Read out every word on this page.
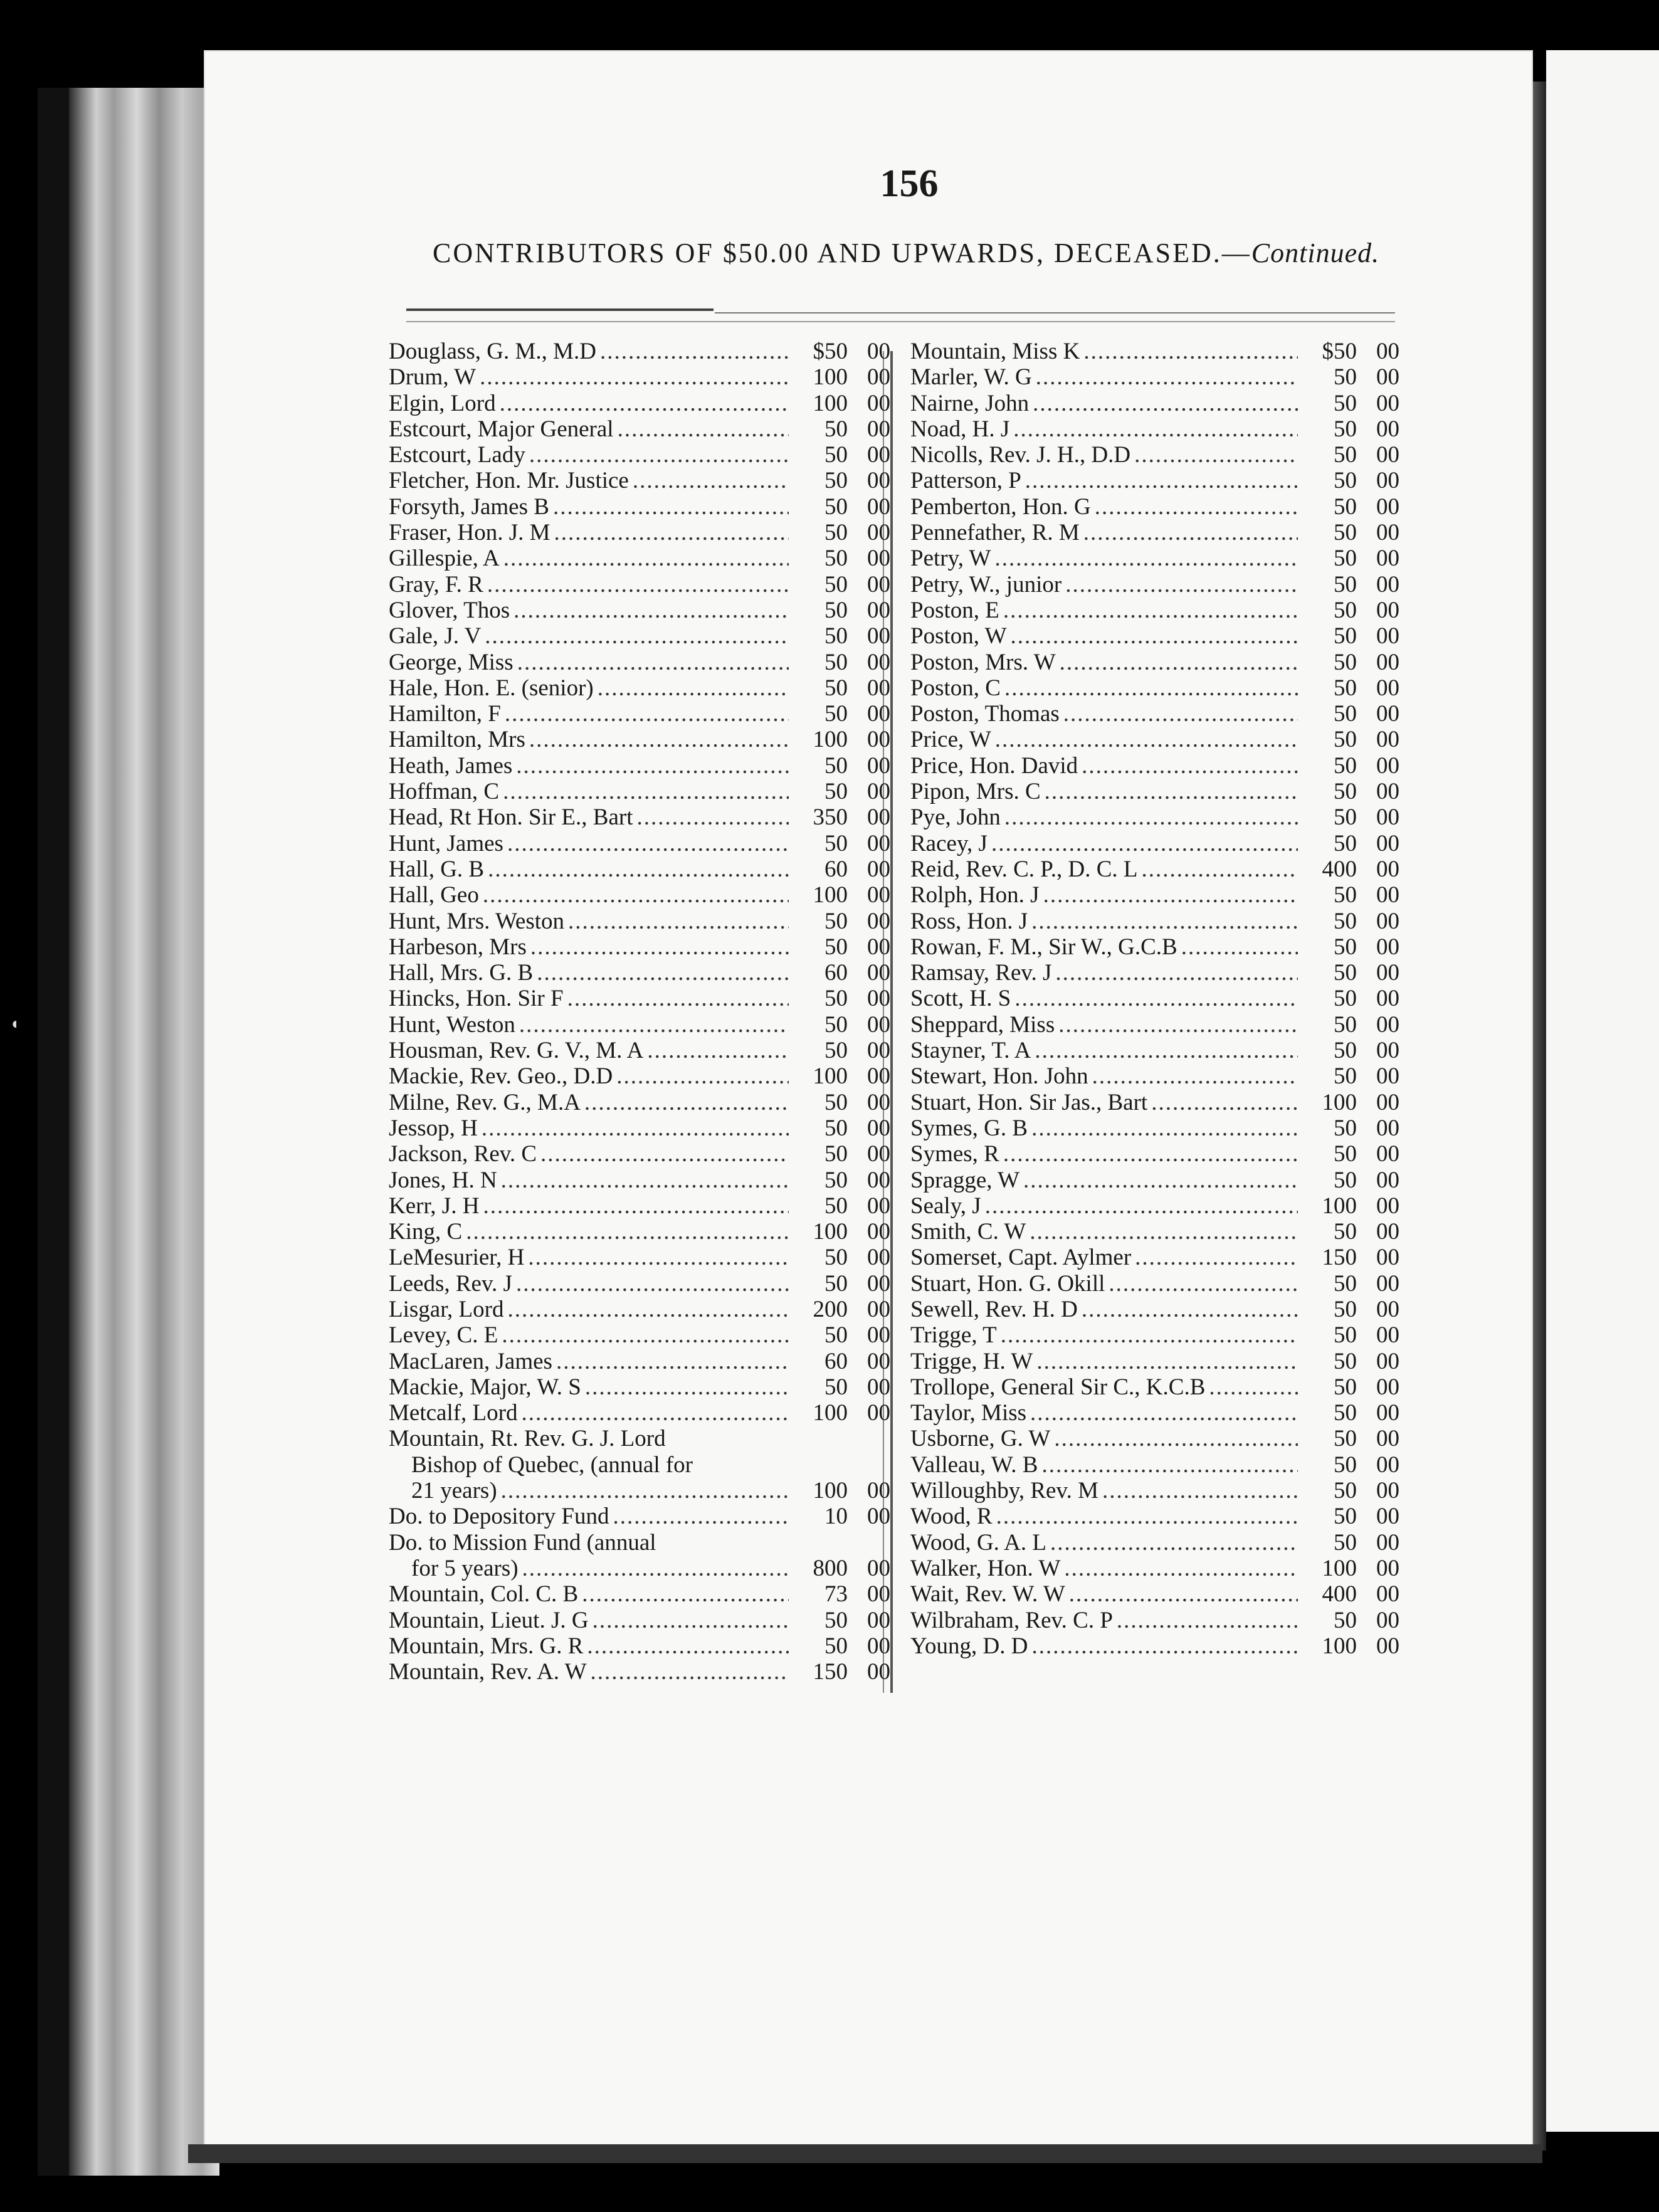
◐
156
CONTRIBUTORS OF $50.00 AND UPWARDS, DECEASED.—Continued.
Douglass, G. M., M.D .....	$50 00
Drum, W .....	100 00
Elgin, Lord .....	100 00
Estcourt, Major General .....	50 00
Estcourt, Lady .....	50 00
Fletcher, Hon. Mr. Justice .....	50 00
Forsyth, James B .....	50 00
Fraser, Hon. J. M .....	50 00
Gillespie, A .....	50 00
Gray, F. R .....	50 00
Glover, Thos .....	50 00
Gale, J. V .....	50 00
George, Miss .....	50 00
Hale, Hon. E. (senior) .....	50 00
Hamilton, F .....	50 00
Hamilton, Mrs .....	100 00
Heath, James .....	50 00
Hoffman, C .....	50 00
Head, Rt Hon. Sir E., Bart .....	350 00
Hunt, James .....	50 00
Hall, G. B .....	60 00
Hall, Geo .....	100 00
Hunt, Mrs. Weston .....	50 00
Harbeson, Mrs .....	50 00
Hall, Mrs. G. B .....	60 00
Hincks, Hon. Sir F .....	50 00
Hunt, Weston .....	50 00
Housman, Rev. G. V., M. A .....	50 00
Mackie, Rev. Geo., D.D .....	100 00
Milne, Rev. G., M.A .....	50 00
Jessop, H .....	50 00
Jackson, Rev. C .....	50 00
Jones, H. N .....	50 00
Kerr, J. H .....	50 00
King, C .....	100 00
LeMesurier, H .....	50 00
Leeds, Rev. J .....	50 00
Lisgar, Lord .....	200 00
Levey, C. E .....	50 00
MacLaren, James .....	60 00
Mackie, Major, W. S .....	50 00
Metcalf, Lord .....	100 00
Mountain, Rt. Rev. G. J. Lord
Bishop of Quebec, (annual for
21 years) .....	100 00
Do. to Depository Fund .....	10 00
Do. to Mission Fund (annual
for 5 years) .....	800 00
Mountain, Col. C. B .....	73 00
Mountain, Lieut. J. G .....	50 00
Mountain, Mrs. G. R .....	50 00
Mountain, Rev. A. W .....	150 00
Mountain, Miss K .....	$50 00
Marler, W. G .....	50 00
Nairne, John .....	50 00
Noad, H. J .....	50 00
Nicolls, Rev. J. H., D.D .....	50 00
Patterson, P .....	50 00
Pemberton, Hon. G .....	50 00
Pennefather, R. M .....	50 00
Petry, W .....	50 00
Petry, W., junior .....	50 00
Poston, E .....	50 00
Poston, W .....	50 00
Poston, Mrs. W .....	50 00
Poston, C .....	50 00
Poston, Thomas .....	50 00
Price, W .....	50 00
Price, Hon. David .....	50 00
Pipon, Mrs. C .....	50 00
Pye, John .....	50 00
Racey, J .....	50 00
Reid, Rev. C. P., D. C. L .....	400 00
Rolph, Hon. J .....	50 00
Ross, Hon. J .....	50 00
Rowan, F. M., Sir W., G.C.B .....	50 00
Ramsay, Rev. J .....	50 00
Scott, H. S .....	50 00
Sheppard, Miss .....	50 00
Stayner, T. A .....	50 00
Stewart, Hon. John .....	50 00
Stuart, Hon. Sir Jas., Bart .....	100 00
Symes, G. B .....	50 00
Symes, R .....	50 00
Spragge, W .....	50 00
Sealy, J .....	100 00
Smith, C. W .....	50 00
Somerset, Capt. Aylmer .....	150 00
Stuart, Hon. G. Okill .....	50 00
Sewell, Rev. H. D .....	50 00
Trigge, T .....	50 00
Trigge, H. W .....	50 00
Trollope, General Sir C., K.C.B .....	50 00
Taylor, Miss .....	50 00
Usborne, G. W .....	50 00
Valleau, W. B .....	50 00
Willoughby, Rev. M .....	50 00
Wood, R .....	50 00
Wood, G. A. L .....	50 00
Walker, Hon. W .....	100 00
Wait, Rev. W. W .....	400 00
Wilbraham, Rev. C. P .....	50 00
Young, D. D .....	100 00
